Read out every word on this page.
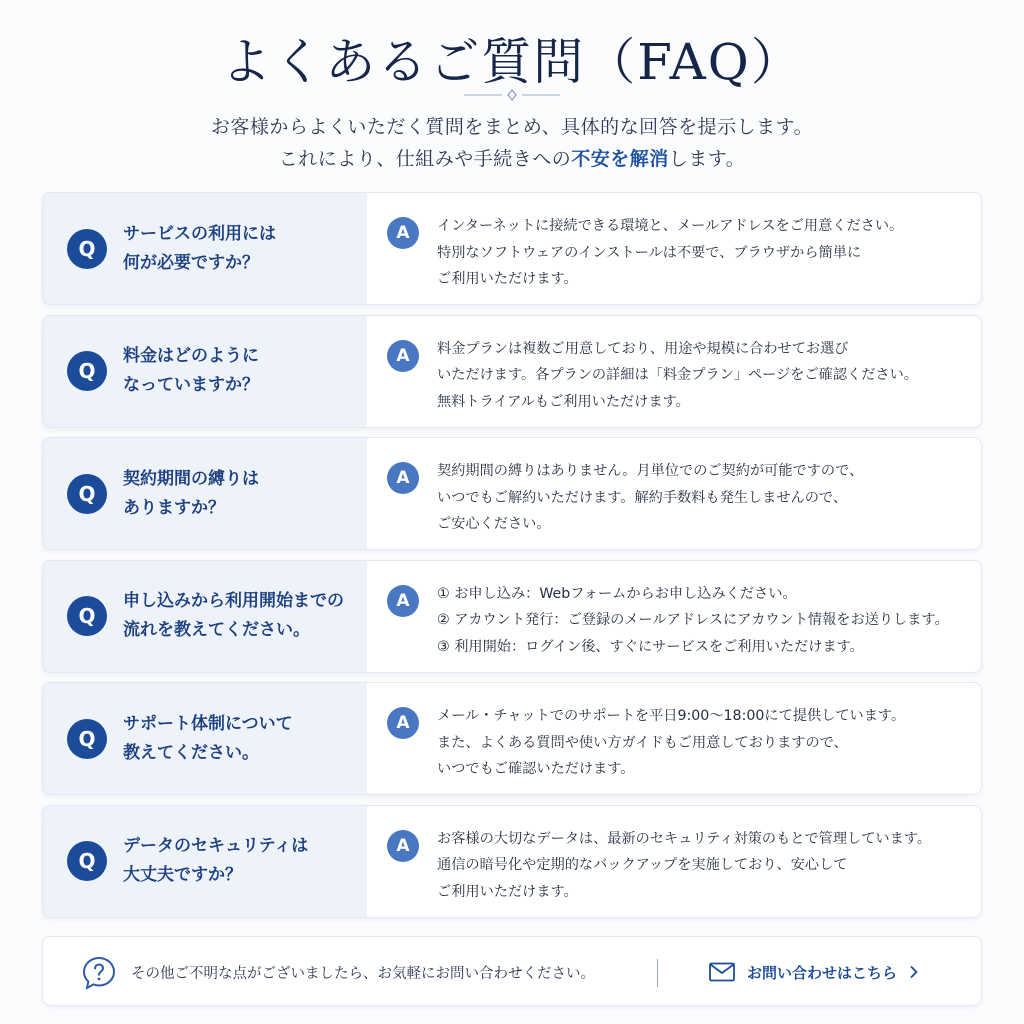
よくあるご質問（FAQ）

お客様からよくいただく質問をまとめ、具体的な回答を提示します。

これにより、仕組みや手続きへの不安を解消します。

Q
サービスの利用には
何が必要ですか？
A	インターネットに接続できる環境と、メールアドレスをご用意ください。
特別なソフトウェアのインストールは不要で、ブラウザから簡単に
ご利用いただけます。
Q
料金はどのように
なっていますか？
A	料金プランは複数ご用意しており、用途や規模に合わせてお選び
いただけます。各プランの詳細は「料金プラン」ページをご確認ください。
無料トライアルもご利用いただけます。
Q
契約期間の縛りは
ありますか？
A	契約期間の縛りはありません。月単位でのご契約が可能ですので、
いつでもご解約いただけます。解約手数料も発生しませんので、
ご安心ください。
Q
申し込みから利用開始までの
流れを教えてください。
A	① お申し込み：Webフォームからお申し込みください。
② アカウント発行：ご登録のメールアドレスにアカウント情報をお送りします。
③ 利用開始：ログイン後、すぐにサービスをご利用いただけます。
Q
サポート体制について
教えてください。
A	メール・チャットでのサポートを平日9:00〜18:00にて提供しています。
また、よくある質問や使い方ガイドもご用意しておりますので、
いつでもご確認いただけます。
Q
データのセキュリティは
大丈夫ですか？
A	お客様の大切なデータは、最新のセキュリティ対策のもとで管理しています。
通信の暗号化や定期的なバックアップを実施しており、安心して
ご利用いただけます。
その他ご不明な点がございましたら、お気軽にお問い合わせください。	お問い合わせはこちら
